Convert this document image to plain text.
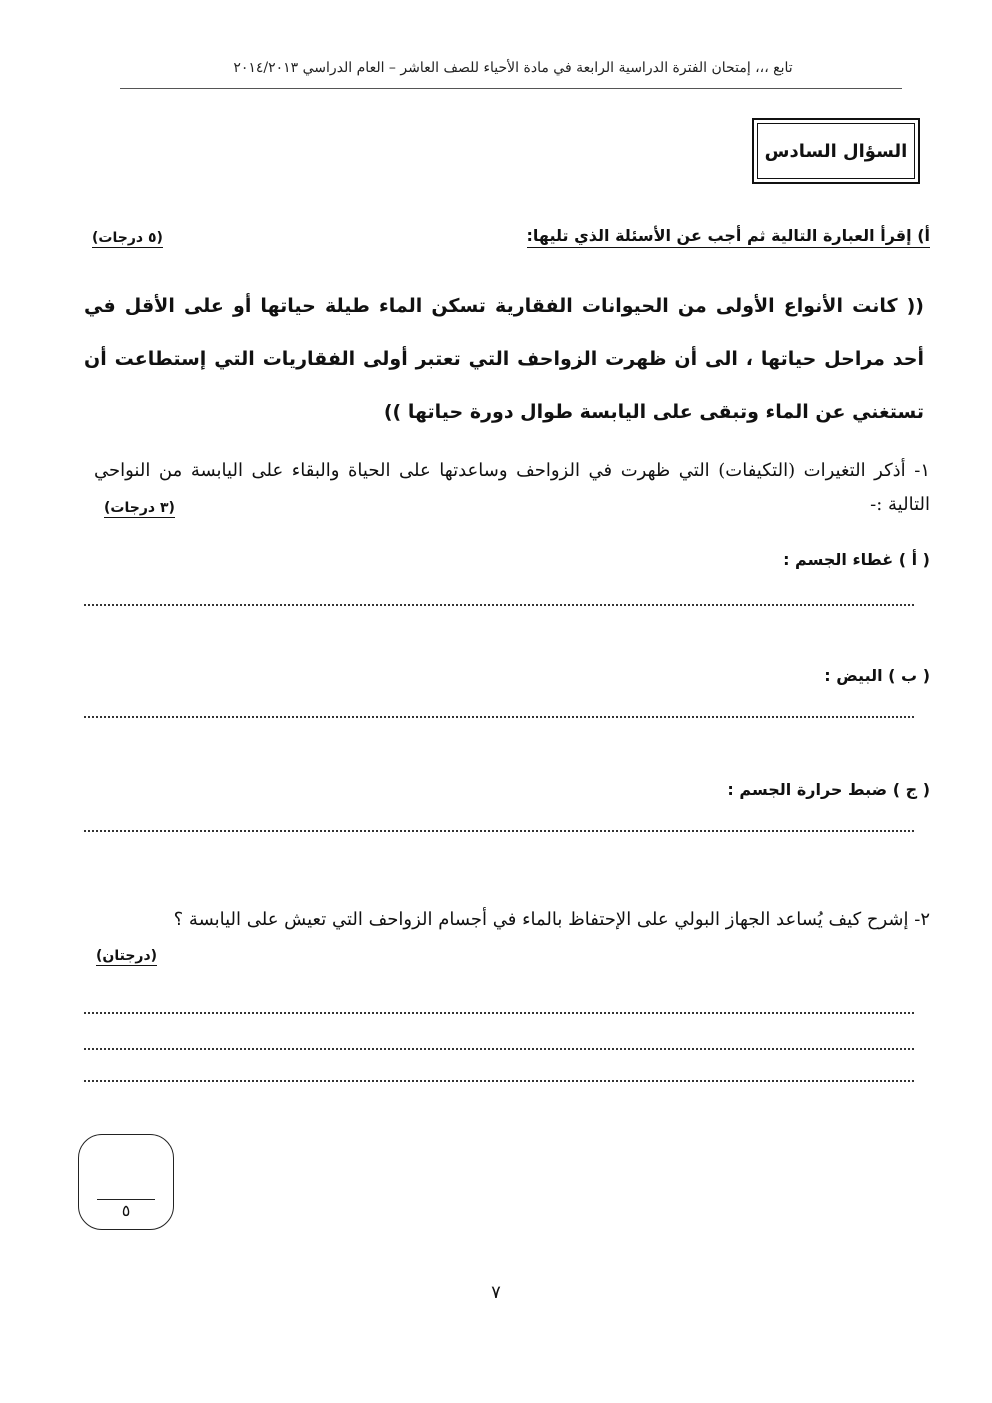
تابع ،،، إمتحان الفترة الدراسية الرابعة في مادة الأحياء للصف العاشر – العام الدراسي ٢٠١٤/٢٠١٣
السؤال السادس
أ) إقرأ العبارة التالية ثم أجب عن الأسئلة الذي تليها:
(٥ درجات)
(( كانت الأنواع الأولى من الحيوانات الفقارية تسكن الماء طيلة حياتها أو على الأقل في أحد مراحل حياتها ، الى أن ظهرت الزواحف التي تعتبر أولى الفقاريات التي إستطاعت أن تستغني عن الماء وتبقى على اليابسة طوال دورة حياتها ))
١- أذكر التغيرات (التكيفات) التي ظهرت في الزواحف وساعدتها على الحياة والبقاء على اليابسة من النواحي التالية :-
(٣ درجات)
( أ ) غطاء الجسم :
( ب ) البيض :
( ج ) ضبط حرارة الجسم :
٢- إشرح كيف يُساعد الجهاز البولي على الإحتفاظ بالماء في أجسام الزواحف التي تعيش على اليابسة ؟
(درجتان)
٥
٧
